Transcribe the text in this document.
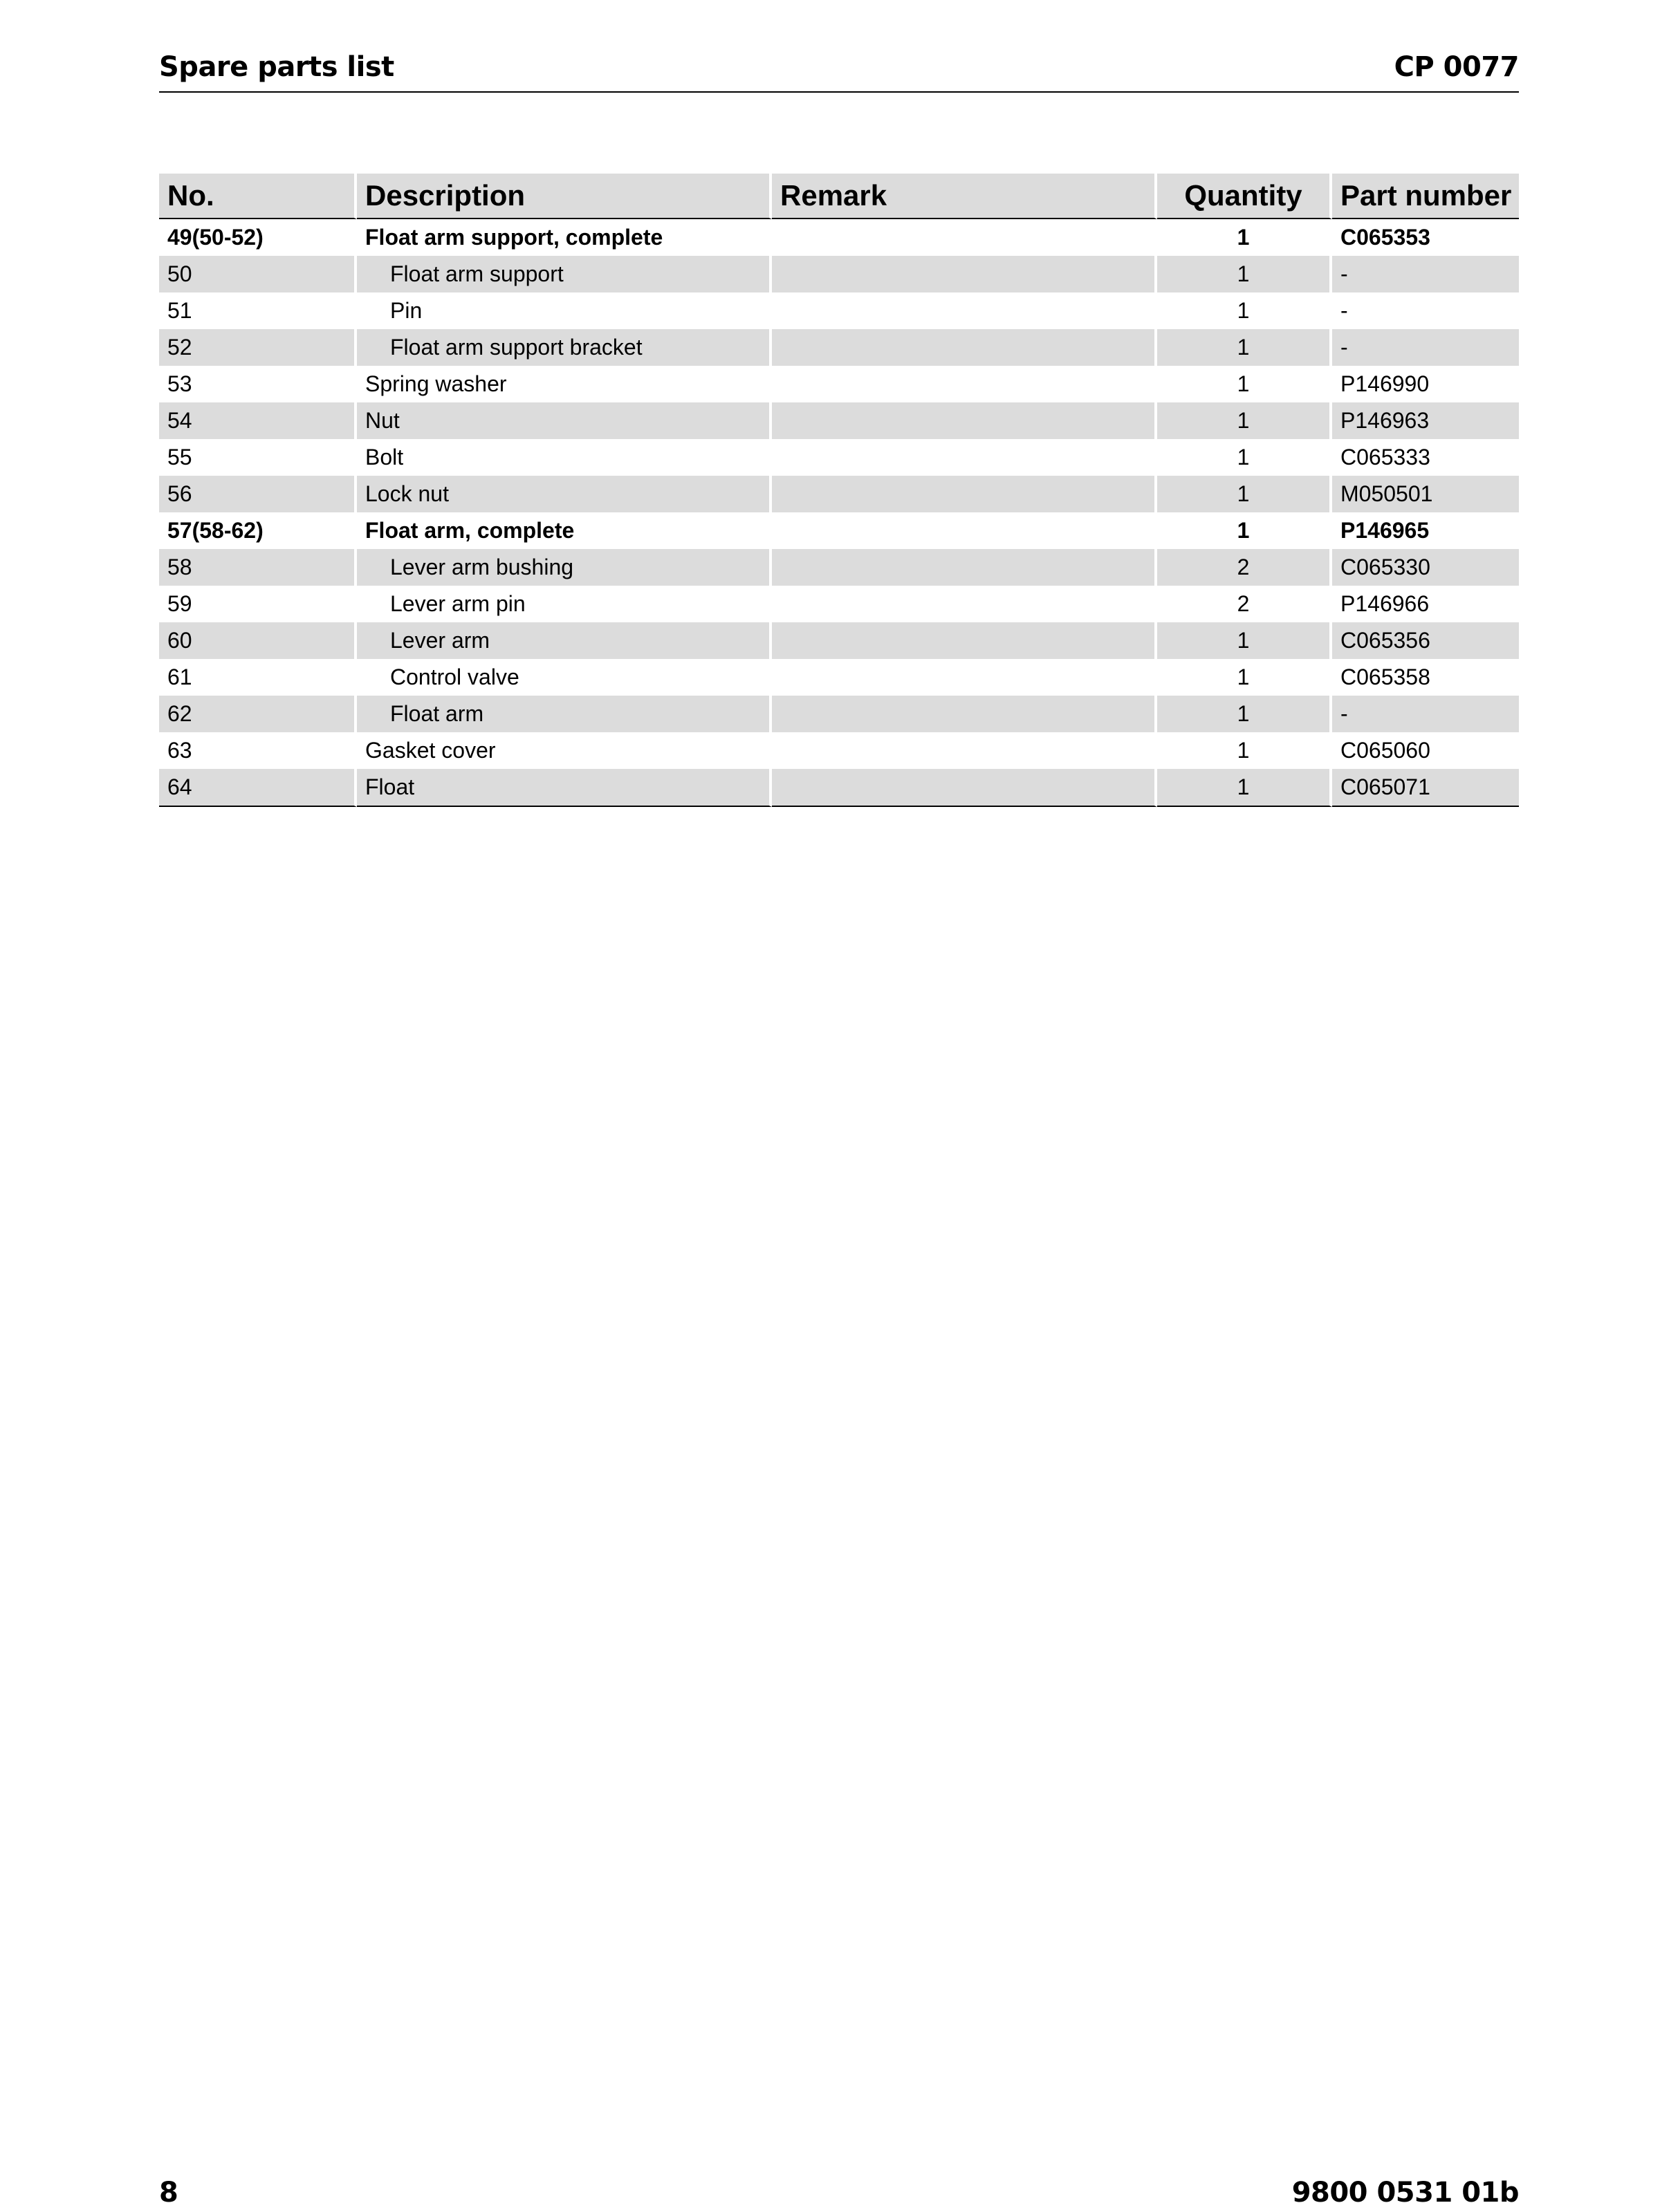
Spare parts list	CP 0077
No.	Description	Remark	Quantity	Part number
49(50-52)	Float arm support, complete		1	C065353
50	Float arm support		1	-
51	Pin		1	-
52	Float arm support bracket		1	-
53	Spring washer		1	P146990
54	Nut		1	P146963
55	Bolt		1	C065333
56	Lock nut		1	M050501
57(58-62)	Float arm, complete		1	P146965
58	Lever arm bushing		2	C065330
59	Lever arm pin		2	P146966
60	Lever arm		1	C065356
61	Control valve		1	C065358
62	Float arm		1	-
63	Gasket cover		1	C065060
64	Float		1	C065071
8	9800 0531 01b
